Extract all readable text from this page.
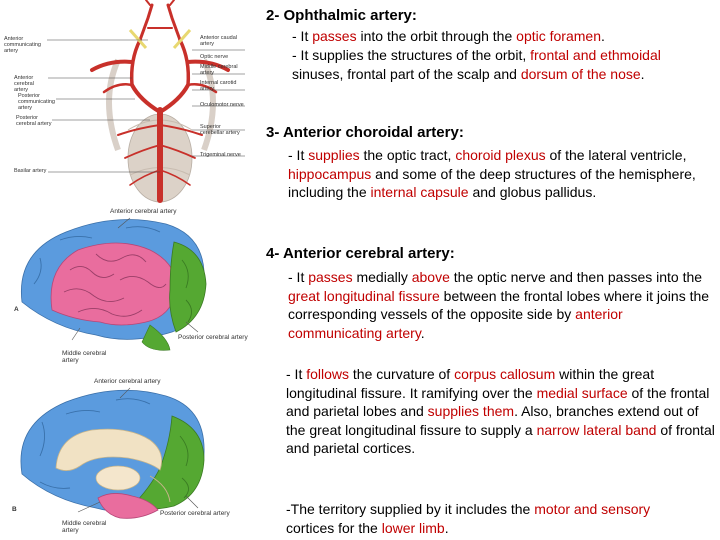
Anterior communicating artery
Anterior cerebral artery
Posterior communicating artery
Posterior cerebral artery
Basilar artery
Anterior caudal artery
Optic nerve
Middle cerebral artery
Internal carotid artery
Oculomotor nerve
Superior cerebellar artery
Trigeminal nerve
A
Anterior cerebral artery
Posterior cerebral artery
Middle cerebral artery
B
Anterior cerebral artery
Posterior cerebral artery
Middle cerebral artery
2- Ophthalmic artery:

- It passes into the orbit through the optic foramen.

- It supplies the structures of the orbit, frontal and ethmoidal sinuses, frontal part of the scalp and dorsum of the nose.

3- Anterior choroidal artery:

- It supplies the optic tract, choroid plexus of the lateral ventricle, hippocampus and some of the deep structures of the hemisphere, including the internal capsule and globus pallidus.

4- Anterior cerebral artery:

- It passes medially above the optic nerve and then passes into the great longitudinal fissure between the frontal lobes where it joins the corresponding vessels of the opposite side by anterior communicating artery.

- It follows the curvature of corpus callosum within the great longitudinal fissure. It ramifying over the medial surface of the frontal and parietal lobes and supplies them. Also, branches extend out of the great longitudinal fissure to supply a narrow lateral band of frontal and parietal cortices.

-The territory supplied by it includes the motor and sensory cortices for the lower limb.
